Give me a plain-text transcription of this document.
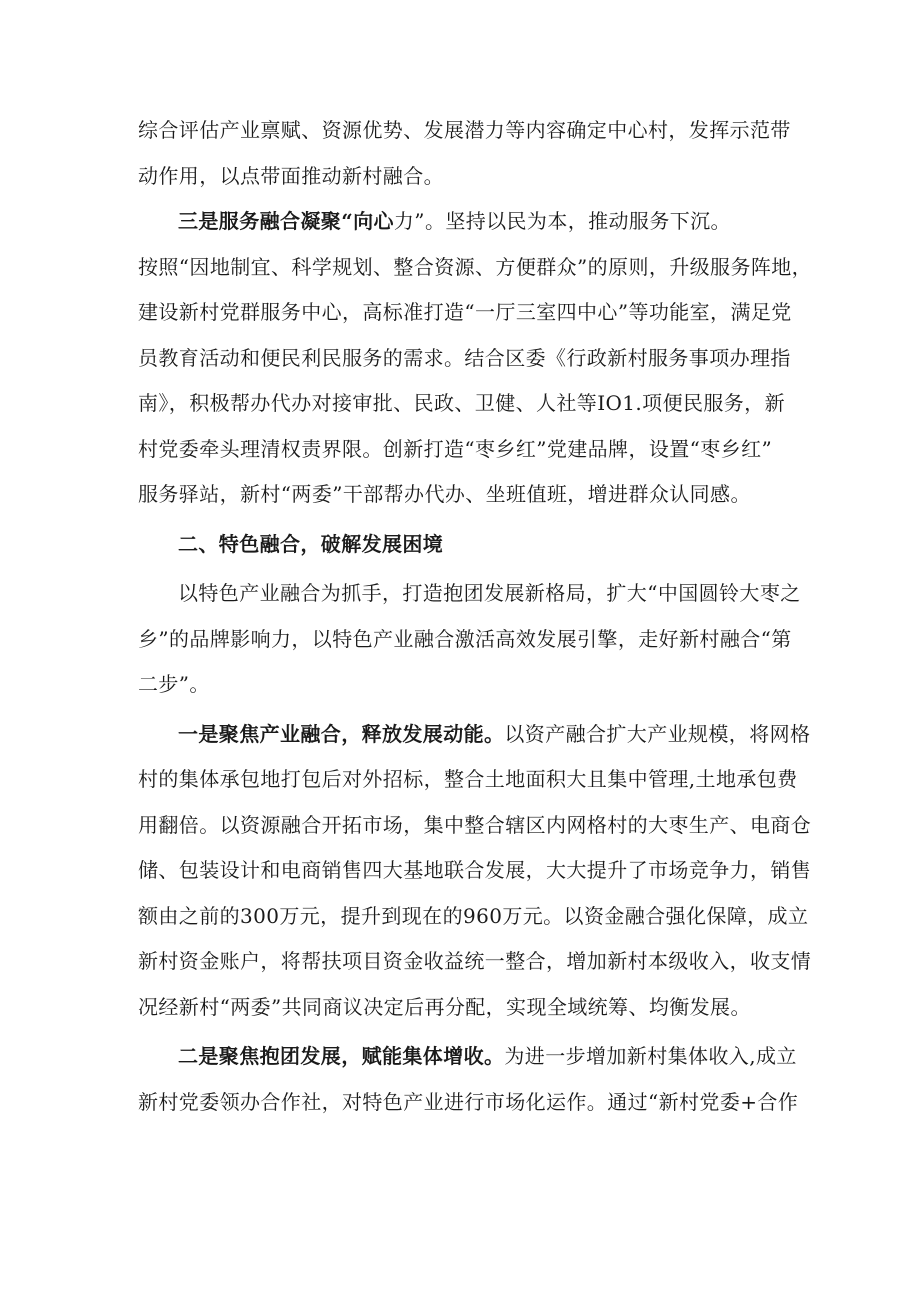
综合评估产业禀赋、资源优势、发展潜力等内容确定中心村，发挥示范带
动作用，以点带面推动新村融合。
三是服务融合凝聚“向心力”。坚持以民为本，推动服务下沉。
按照“因地制宜、科学规划、整合资源、方便群众”的原则，升级服务阵地，
建设新村党群服务中心，高标准打造“一厅三室四中心”等功能室，满足党
员教育活动和便民利民服务的需求。结合区委《行政新村服务事项办理指
南》，积极帮办代办对接审批、民政、卫健、人社等IO1.项便民服务，新
村党委牵头理清权责界限。创新打造“枣乡红”党建品牌，设置“枣乡红”
服务驿站，新村“两委”干部帮办代办、坐班值班，增进群众认同感。
二、特色融合，破解发展困境
以特色产业融合为抓手，打造抱团发展新格局，扩大“中国圆铃大枣之
乡”的品牌影响力，以特色产业融合激活高效发展引擎，走好新村融合“第
二步”。
一是聚焦产业融合，释放发展动能。以资产融合扩大产业规模，将网格
村的集体承包地打包后对外招标，整合土地面积大且集中管理,土地承包费
用翻倍。以资源融合开拓市场，集中整合辖区内网格村的大枣生产、电商仓
储、包装设计和电商销售四大基地联合发展，大大提升了市场竞争力，销售
额由之前的300万元，提升到现在的960万元。以资金融合强化保障，成立
新村资金账户，将帮扶项目资金收益统一整合，增加新村本级收入，收支情
况经新村“两委”共同商议决定后再分配，实现全域统筹、均衡发展。
二是聚焦抱团发展，赋能集体增收。为进一步增加新村集体收入,成立
新村党委领办合作社，对特色产业进行市场化运作。通过“新村党委+合作
